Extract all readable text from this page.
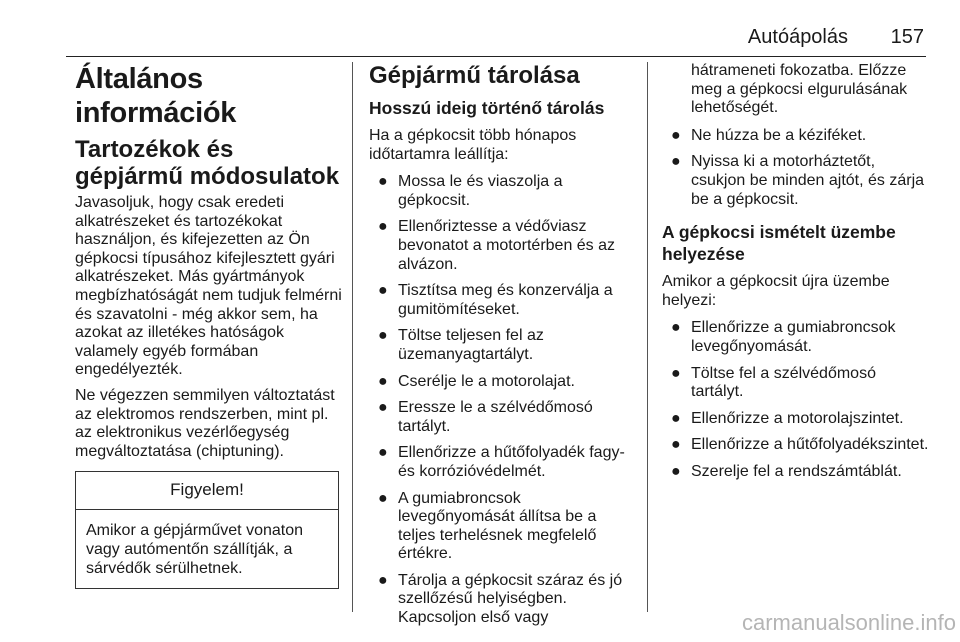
Autóápolás 157
Általános információk
Tartozékok és gépjármű módosulatok

Javasoljuk, hogy csak eredeti alkatrészeket és tartozékokat használjon, és kifejezetten az Ön gépkocsi típusához kifejlesztett gyári alkatrészeket. Más gyártmányok megbízhatóságát nem tudjuk felmérni és szavatolni - még akkor sem, ha azokat az illetékes hatóságok valamely egyéb formában engedélyezték.

Ne végezzen semmilyen változtatást az elektromos rendszerben, mint pl. az elektronikus vezérlőegység megváltoztatása (chiptuning).

Figyelem!
Amikor a gépjárművet vonaton vagy autómentőn szállítják, a sárvédők sérülhetnek.
Gépjármű tárolása
Hosszú ideig történő tárolás

Ha a gépkocsit több hónapos időtartamra leállítja:

● Mossa le és viaszolja a gépkocsit.
● Ellenőriztesse a védőviasz bevonatot a motortérben és az alvázon.
● Tisztítsa meg és konzerválja a gumitömítéseket.
● Töltse teljesen fel az üzemanyagtartályt.
● Cserélje le a motorolajat.
● Eressze le a szélvédőmosó tartályt.
● Ellenőrizze a hűtőfolyadék fagy- és korrózióvédelmét.
● A gumiabroncsok levegőnyomását állítsa be a teljes terhelésnek megfelelő értékre.
● Tárolja a gépkocsit száraz és jó szellőzésű helyiségben. Kapcsoljon első vagy

hátrameneti fokozatba. Előzze meg a gépkocsi elgurulásának lehetőségét.

● Ne húzza be a kéziféket.
● Nyissa ki a motorháztetőt, csukjon be minden ajtót, és zárja be a gépkocsit.
A gépkocsi ismételt üzembe helyezése

Amikor a gépkocsit újra üzembe helyezi:

● Ellenőrizze a gumiabroncsok levegőnyomását.
● Töltse fel a szélvédőmosó tartályt.
● Ellenőrizze a motorolajszintet.
● Ellenőrizze a hűtőfolyadékszintet.
● Szerelje fel a rendszámtáblát.
carmanualsonline.info
